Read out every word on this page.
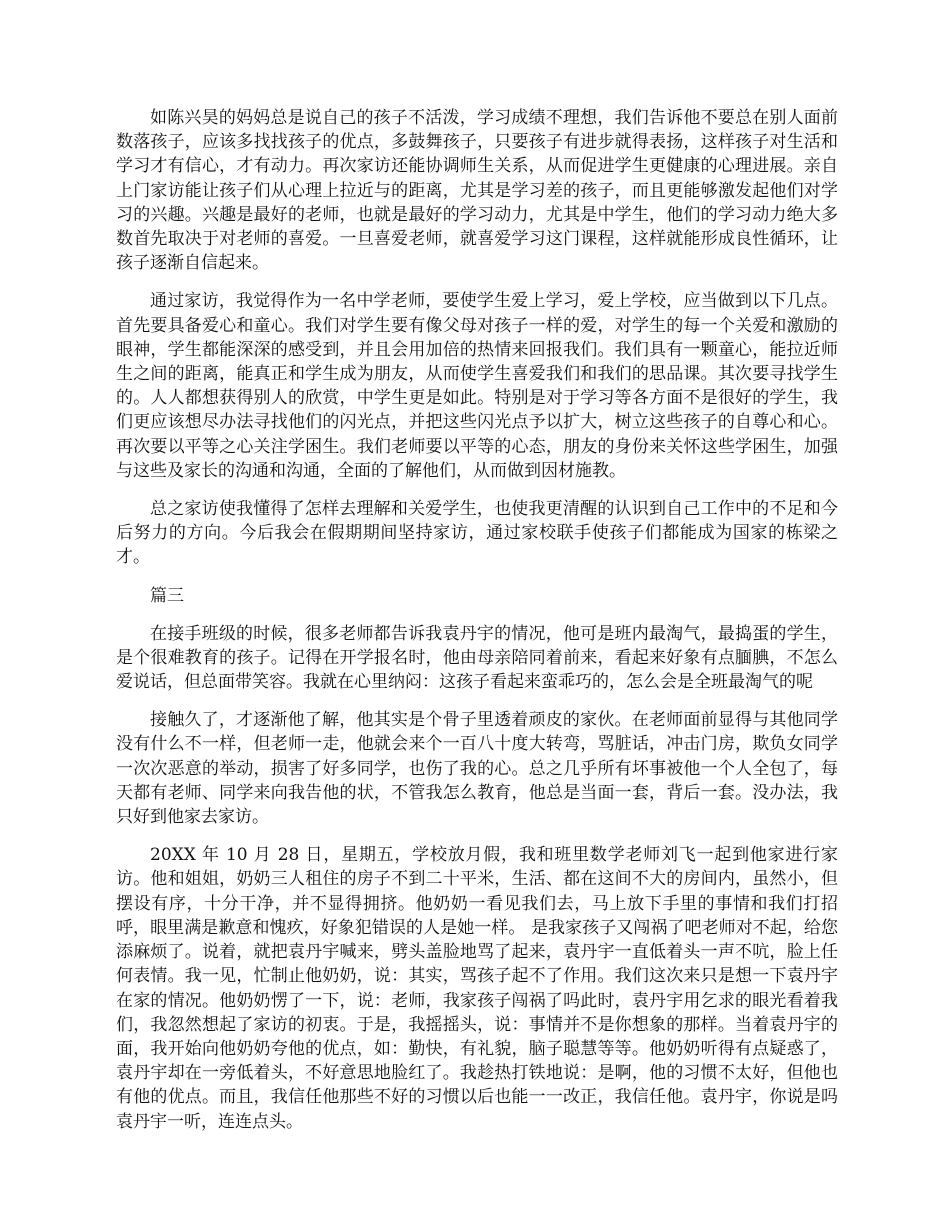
如陈兴昊的妈妈总是说自己的孩子不活泼，学习成绩不理想，我们告诉他不要总在别人面前数落孩子，应该多找找孩子的优点，多鼓舞孩子，只要孩子有进步就得表扬，这样孩子对生活和学习才有信心，才有动力。再次家访还能协调师生关系，从而促进学生更健康的心理进展。亲自上门家访能让孩子们从心理上拉近与的距离，尤其是学习差的孩子，而且更能够激发起他们对学习的兴趣。兴趣是最好的老师，也就是最好的学习动力，尤其是中学生，他们的学习动力绝大多数首先取决于对老师的喜爱。一旦喜爱老师，就喜爱学习这门课程，这样就能形成良性循环，让孩子逐渐自信起来。

通过家访，我觉得作为一名中学老师，要使学生爱上学习，爱上学校，应当做到以下几点。首先要具备爱心和童心。我们对学生要有像父母对孩子一样的爱，对学生的每一个关爱和激励的眼神，学生都能深深的感受到，并且会用加倍的热情来回报我们。我们具有一颗童心，能拉近师生之间的距离，能真正和学生成为朋友，从而使学生喜爱我们和我们的思品课。其次要寻找学生的。人人都想获得别人的欣赏，中学生更是如此。特别是对于学习等各方面不是很好的学生，我们更应该想尽办法寻找他们的闪光点，并把这些闪光点予以扩大，树立这些孩子的自尊心和心。再次要以平等之心关注学困生。我们老师要以平等的心态，朋友的身份来关怀这些学困生，加强与这些及家长的沟通和沟通，全面的了解他们，从而做到因材施教。

总之家访使我懂得了怎样去理解和关爱学生，也使我更清醒的认识到自己工作中的不足和今后努力的方向。今后我会在假期期间坚持家访，通过家校联手使孩子们都能成为国家的栋梁之才。

篇三

在接手班级的时候，很多老师都告诉我袁丹宇的情况，他可是班内最淘气，最捣蛋的学生，是个很难教育的孩子。记得在开学报名时，他由母亲陪同着前来，看起来好象有点腼腆，不怎么爱说话，但总面带笑容。我就在心里纳闷：这孩子看起来蛮乖巧的，怎么会是全班最淘气的呢

接触久了，才逐渐他了解，他其实是个骨子里透着顽皮的家伙。在老师面前显得与其他同学没有什么不一样，但老师一走，他就会来个一百八十度大转弯，骂脏话，冲击门房，欺负女同学 一次次恶意的举动，损害了好多同学，也伤了我的心。总之几乎所有坏事被他一个人全包了，每天都有老师、同学来向我告他的状，不管我怎么教育，他总是当面一套，背后一套。没办法，我只好到他家去家访。

20XX 年 10 月 28 日，星期五，学校放月假，我和班里数学老师刘飞一起到他家进行家访。他和姐姐，奶奶三人租住的房子不到二十平米，生活、都在这间不大的房间内，虽然小，但摆设有序，十分干净，并不显得拥挤。他奶奶一看见我们去，马上放下手里的事情和我们打招呼，眼里满是歉意和愧疚，好象犯错误的人是她一样。 是我家孩子又闯祸了吧老师对不起，给您添麻烦了。说着，就把袁丹宇喊来，劈头盖脸地骂了起来，袁丹宇一直低着头一声不吭，脸上任何表情。我一见，忙制止他奶奶，说：其实，骂孩子起不了作用。我们这次来只是想一下袁丹宇在家的情况。他奶奶愣了一下，说：老师，我家孩子闯祸了吗此时，袁丹宇用乞求的眼光看着我们，我忽然想起了家访的初衷。于是，我摇摇头，说：事情并不是你想象的那样。当着袁丹宇的面，我开始向他奶奶夸他的优点，如：勤快，有礼貌，脑子聪慧等等。他奶奶听得有点疑惑了，袁丹宇却在一旁低着头，不好意思地脸红了。我趁热打铁地说：是啊，他的习惯不太好，但他也有他的优点。而且，我信任他那些不好的习惯以后也能一一改正，我信任他。袁丹宇，你说是吗 袁丹宇一听，连连点头。
